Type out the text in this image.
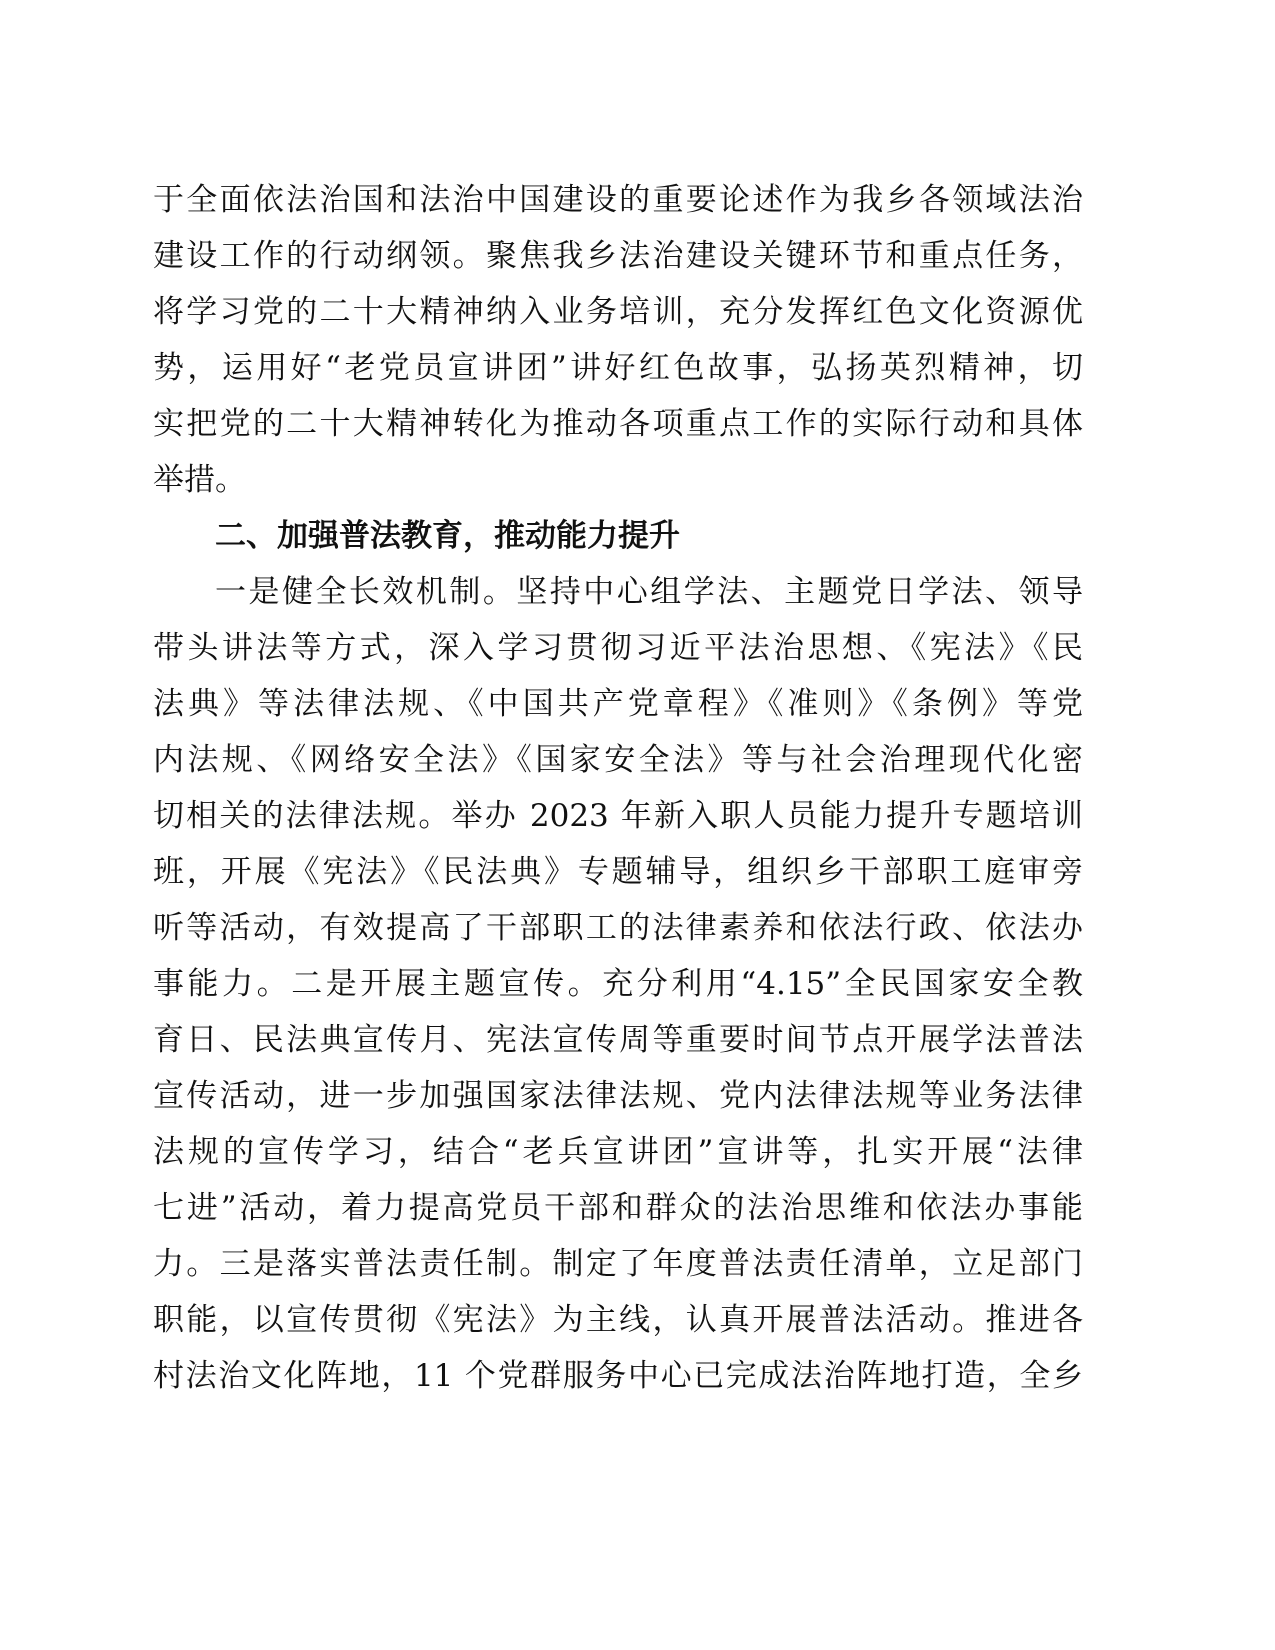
于全面依法治国和法治中国建设的重要论述作为我乡各领域法治
建设工作的行动纲领。聚焦我乡法治建设关键环节和重点任务，
将学习党的二十大精神纳入业务培训，充分发挥红色文化资源优
势，运用好“老党员宣讲团”讲好红色故事，弘扬英烈精神，切
实把党的二十大精神转化为推动各项重点工作的实际行动和具体
举措。
二、加强普法教育，推动能力提升
一是健全长效机制。坚持中心组学法、主题党日学法、领导
带头讲法等方式，深入学习贯彻习近平法治思想、《宪法》《民
法典》等法律法规、《中国共产党章程》《准则》《条例》等党
内法规、《网络安全法》《国家安全法》等与社会治理现代化密
切相关的法律法规。举办 2023 年新入职人员能力提升专题培训
班，开展《宪法》《民法典》专题辅导，组织乡干部职工庭审旁
听等活动，有效提高了干部职工的法律素养和依法行政、依法办
事能力。二是开展主题宣传。充分利用“4.15”全民国家安全教
育日、民法典宣传月、宪法宣传周等重要时间节点开展学法普法
宣传活动，进一步加强国家法律法规、党内法律法规等业务法律
法规的宣传学习，结合“老兵宣讲团”宣讲等，扎实开展“法律
七进”活动，着力提高党员干部和群众的法治思维和依法办事能
力。三是落实普法责任制。制定了年度普法责任清单，立足部门
职能，以宣传贯彻《宪法》为主线，认真开展普法活动。推进各
村法治文化阵地，11 个党群服务中心已完成法治阵地打造，全乡
